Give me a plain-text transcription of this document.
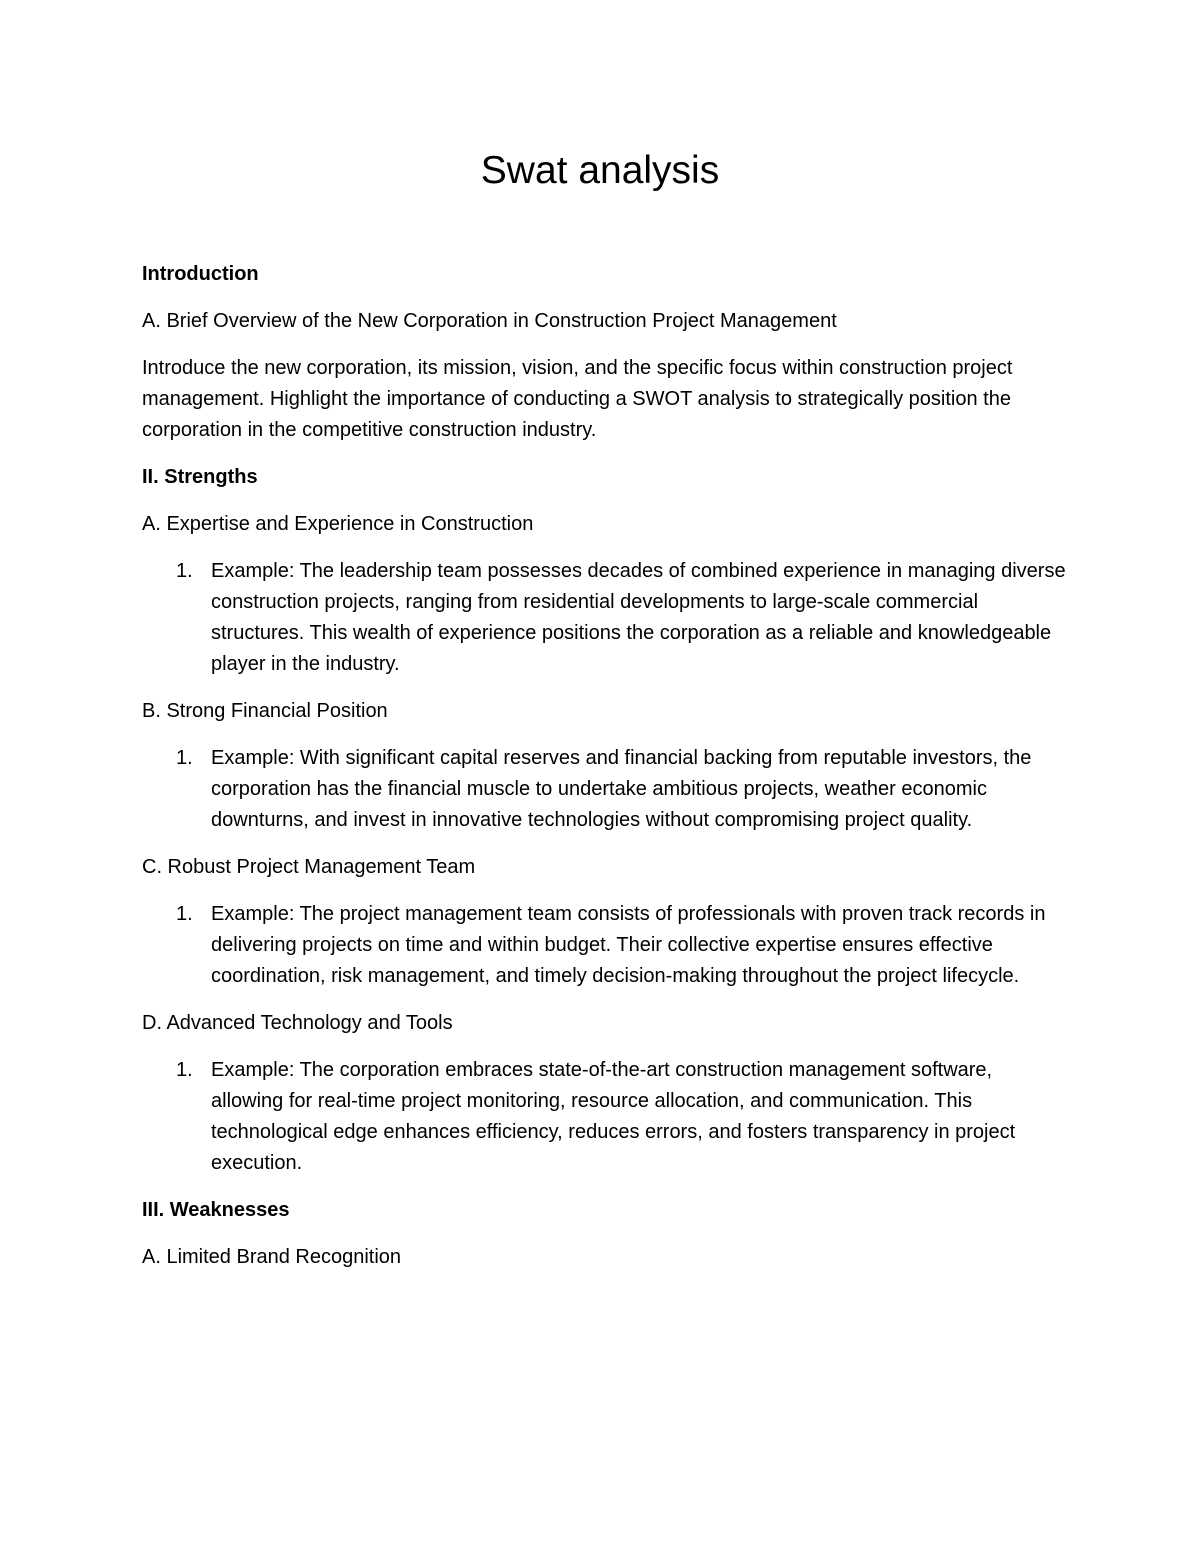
Swat analysis
Introduction
A. Brief Overview of the New Corporation in Construction Project Management
Introduce the new corporation, its mission, vision, and the specific focus within construction project management. Highlight the importance of conducting a SWOT analysis to strategically position the corporation in the competitive construction industry.
II. Strengths
A. Expertise and Experience in Construction
1. Example: The leadership team possesses decades of combined experience in managing diverse construction projects, ranging from residential developments to large-scale commercial structures. This wealth of experience positions the corporation as a reliable and knowledgeable player in the industry.
B. Strong Financial Position
1. Example: With significant capital reserves and financial backing from reputable investors, the corporation has the financial muscle to undertake ambitious projects, weather economic downturns, and invest in innovative technologies without compromising project quality.
C. Robust Project Management Team
1. Example: The project management team consists of professionals with proven track records in delivering projects on time and within budget. Their collective expertise ensures effective coordination, risk management, and timely decision-making throughout the project lifecycle.
D. Advanced Technology and Tools
1. Example: The corporation embraces state-of-the-art construction management software, allowing for real-time project monitoring, resource allocation, and communication. This technological edge enhances efficiency, reduces errors, and fosters transparency in project execution.
III. Weaknesses
A. Limited Brand Recognition
